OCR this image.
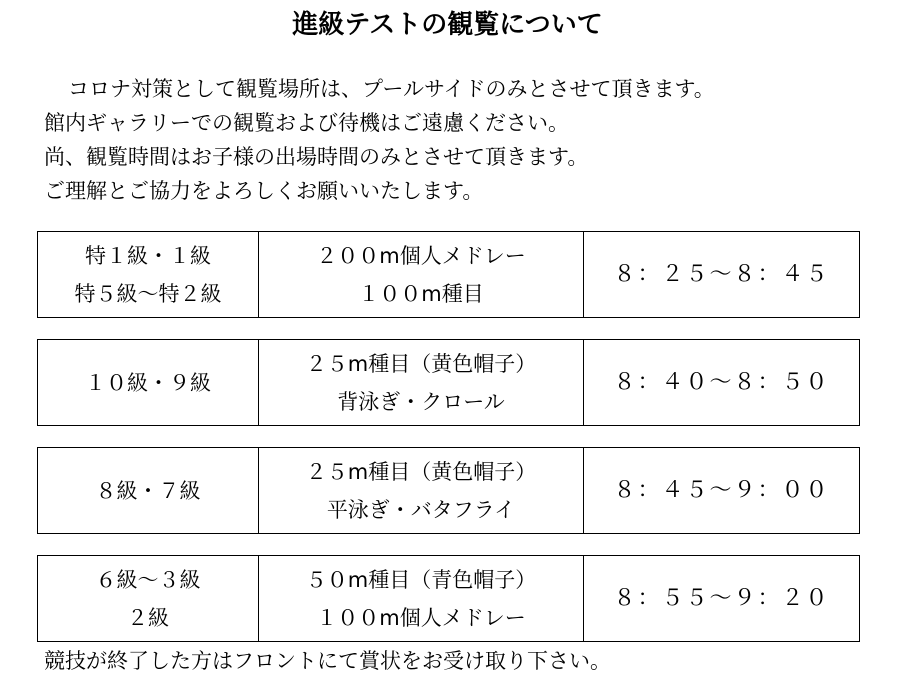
進級テストの観覧について
コロナ対策として観覧場所は、プールサイドのみとさせて頂きます。
館内ギャラリーでの観覧および待機はご遠慮ください。
尚、観覧時間はお子様の出場時間のみとさせて頂きます。
ご理解とご協力をよろしくお願いいたします。
特１級・１級
特５級～特２級
２００m個人メドレー
１００m種目
８：２５～８：４５
１０級・９級
２５m種目（黄色帽子）
背泳ぎ・クロール
８：４０～８：５０
８級・７級
２５m種目（黄色帽子）
平泳ぎ・バタフライ
８：４５～９：００
６級～３級
２級
５０m種目（青色帽子）
１００m個人メドレー
８：５５～９：２０
競技が終了した方はフロントにて賞状をお受け取り下さい。
